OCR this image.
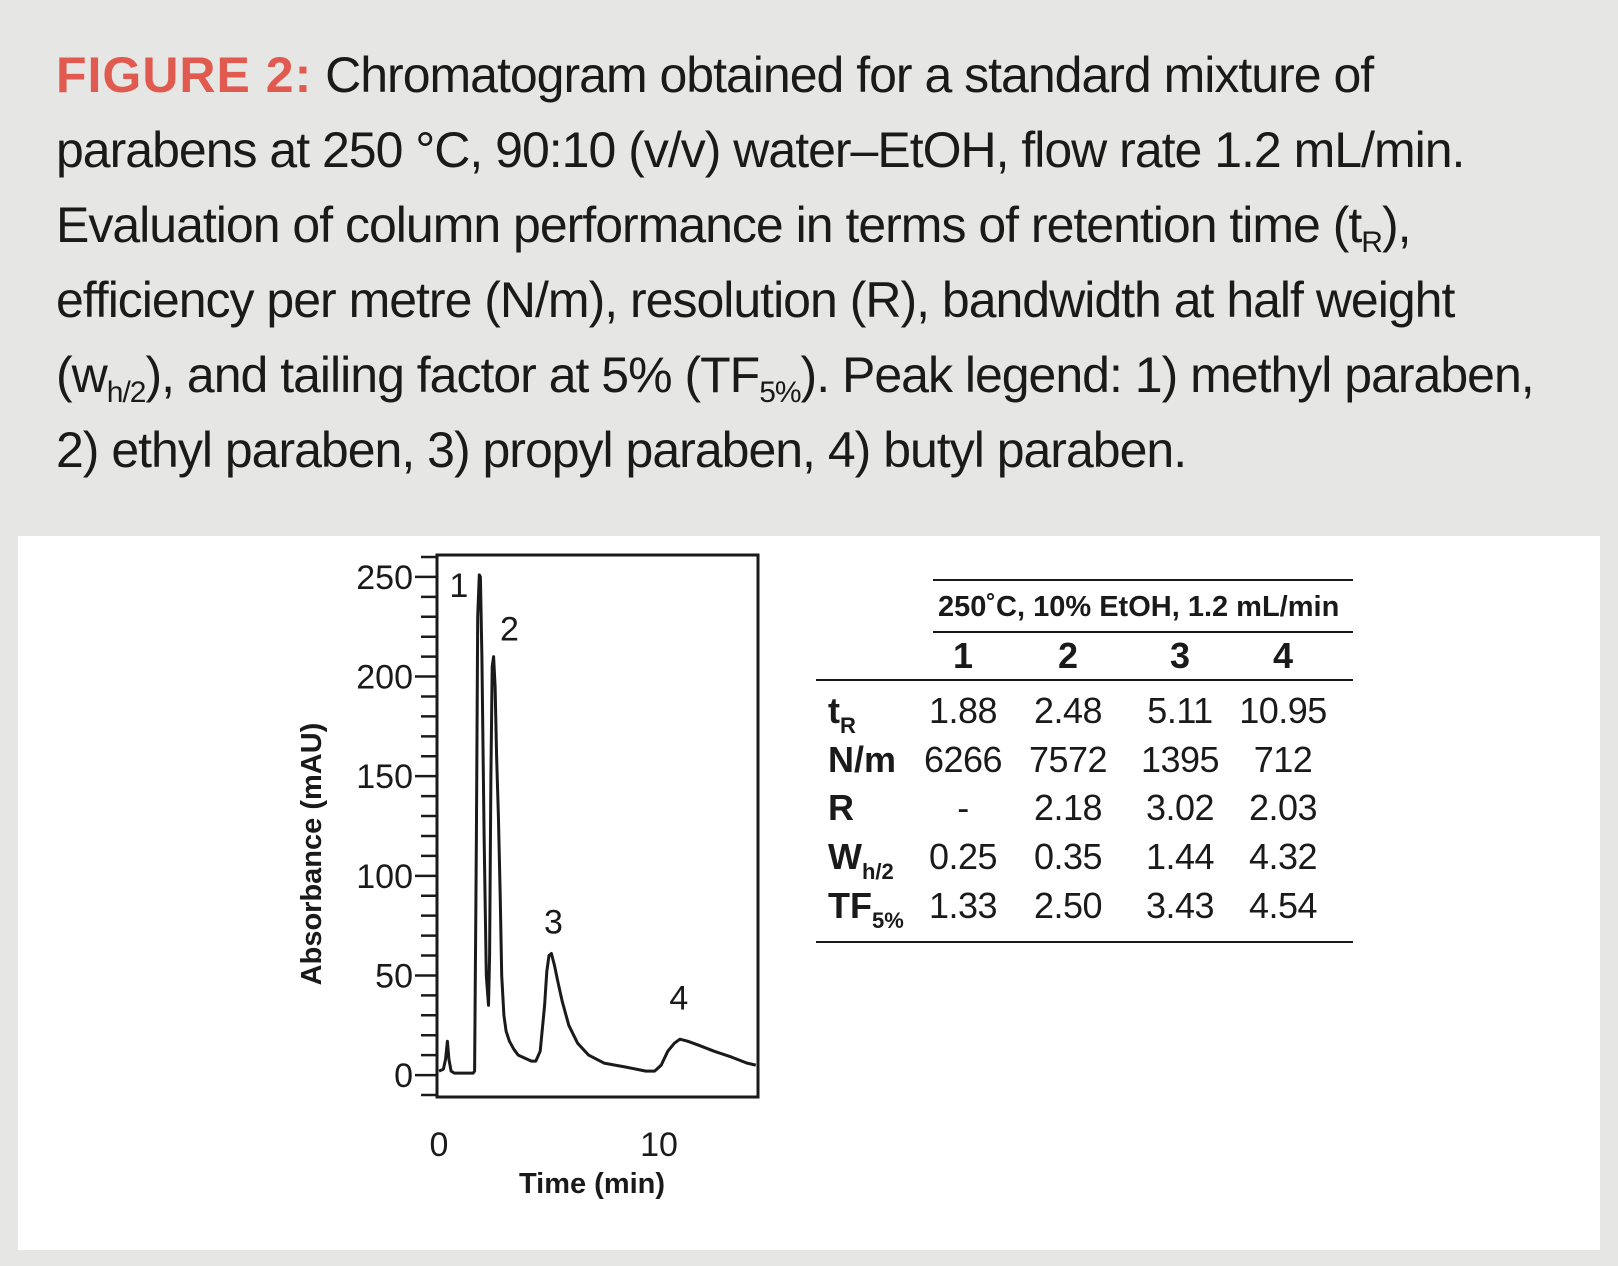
FIGURE 2: Chromatogram obtained for a standard mixture of parabens at 250 °C, 90:10 (v/v) water–EtOH, flow rate 1.2 mL/min. Evaluation of column performance in terms of retention time $(t_R)$, efficiency per metre (N/m), resolution (R), bandwidth at half weight $(w_{h/2})$, and tailing factor at 5% $(TF_{5\%})$. Peak legend: 1) methyl paraben, 2) ethyl paraben, 3) propyl paraben, 4) butyl paraben.
0
50
100
150
200
250
0	10
1
2
3
4
Time (min)
Absorbance (mAU)
250˚C, 10% EtOH, 1.2 mL/min
1	2	3	4
$t_R$	1.88	2.48	5.11 10.95
N/m 6266 7572 1395 712
R	-	2.18	3.02 2.03
$W_{h/2}$ 0.25	0.35	1.44 4.32
$TF_{5\%}$ 1.33	2.50	3.43 4.54
